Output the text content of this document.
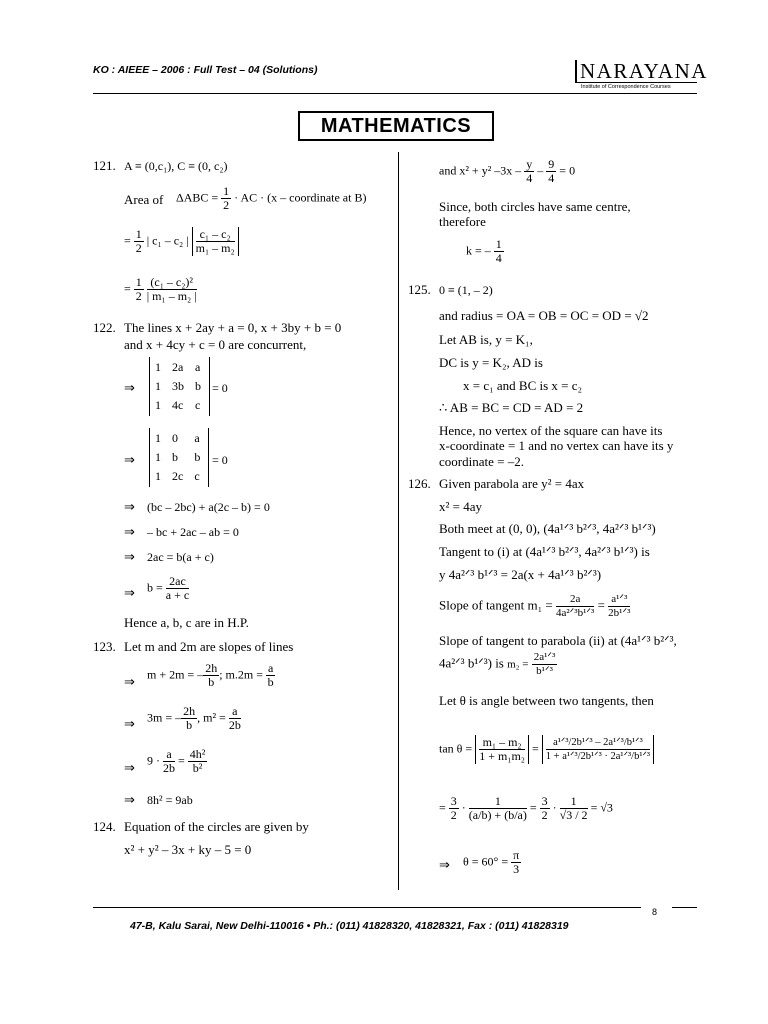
KO : AIEEE – 2006 : Full Test – 04 (Solutions)	NARAYANA
Institute of Correspondence Courses
MATHEMATICS
121. A ≡ (0,c₁), C ≡ (0, c₂)
Area of $\Delta ABC = \frac{1}{2}$ · AC · (x – coordinate at B)
= $\frac{1}{2}$ | c₁ – c₂ | $\frac{\text{c₁ – c₂}}{\text{m₁ – m₂}}$
= $\frac{1}{2}$
$\frac{\text{(c₁ – c₂)²}}{\text{| m₁ – m₂ |}}$
122. The lines x + 2ay + a = 0, x + 3by + b = 0
and x + 4cy + c = 0 are concurrent,
⇒
1	2a	a
1	3b	b
1	4c	c
= 0
⇒
1	0	a
1	b	b
1	2c	c
= 0
⇒ (bc – 2bc) + a(2c – b) = 0
⇒ – bc + 2ac – ab = 0
⇒ 2ac = b(a + c)
⇒ $b = \frac{2ac}{a + c}$
Hence a, b, c are in H.P.
123. Let m and 2m are slopes of lines
⇒ m + 2m = – $\frac{2h}{b}$ ; $m.2m = \frac{a}{b}$
⇒ 3m = – $\frac{2h}{b}$ , $m^2 = \frac{a}{2b}$
⇒ $9 \cdot \frac{a}{2b} = \frac{\text{4h²}}{\text{b²}}$
⇒ 8h² = 9ab
124. Equation of the circles are given by
x² + y² – 3x + ky – 5 = 0
and x² + y² $-3x - \frac{y}{4} - \frac{9}{4} = 0$
Since, both circles have same centre,
therefore
k = – $\frac{1}{4}$
125. 0 ≡ (1, – 2)
and radius = OA = OB = OC = OD = √2
Let AB is, y = K₁,
DC is y = K₂, AD is
x = c₁ and BC is x = c₂
∴ AB = BC = CD = AD = 2
Hence, no vertex of the square can have its
x-coordinate = 1 and no vertex can have its y
coordinate = –2.
126. Given parabola are y² = 4ax
x² = 4ay
Both meet at (0, 0), (4a¹ᐟ³ b²ᐟ³, 4a²ᐟ³ b¹ᐟ³)
Tangent to (i) at (4a¹ᐟ³ b²ᐟ³, 4a²ᐟ³ b¹ᐟ³) is
y 4a²ᐟ³ b¹ᐟ³ = 2a(x + 4a¹ᐟ³ b²ᐟ³)
Slope of tangent $m_1 = \frac{2a}{\text{4a²ᐟ³b¹ᐟ³}} = \frac{\text{a¹ᐟ³}}{\text{2b¹ᐟ³}}$
Slope of tangent to parabola (ii) at (4a¹ᐟ³ b²ᐟ³,
4a²ᐟ³ b¹ᐟ³) is $m_2 = \frac{\text{2a¹ᐟ³}}{\text{b¹ᐟ³}}$
Let θ is angle between two tangents, then
$\tan \theta = \frac{\text{m₁ – m₂}}{\text{1 + m₁m₂}} = \frac{\text{a¹ᐟ³/2b¹ᐟ³ – 2a¹ᐟ³/b¹ᐟ³}}{\text{1 + a¹ᐟ³/2b¹ᐟ³ · 2a¹ᐟ³/b¹ᐟ³}}$
= $\frac{3}{2} \cdot \frac{1}{(a/b) + (b/a)} = \frac{3}{2} \cdot \frac{1}{√3 / 2} = √3$
⇒ $\theta = 60^\circ = \frac{\pi}{3}$
8
47-B, Kalu Sarai, New Delhi-110016 • Ph.: (011) 41828320, 41828321, Fax : (011) 41828319
